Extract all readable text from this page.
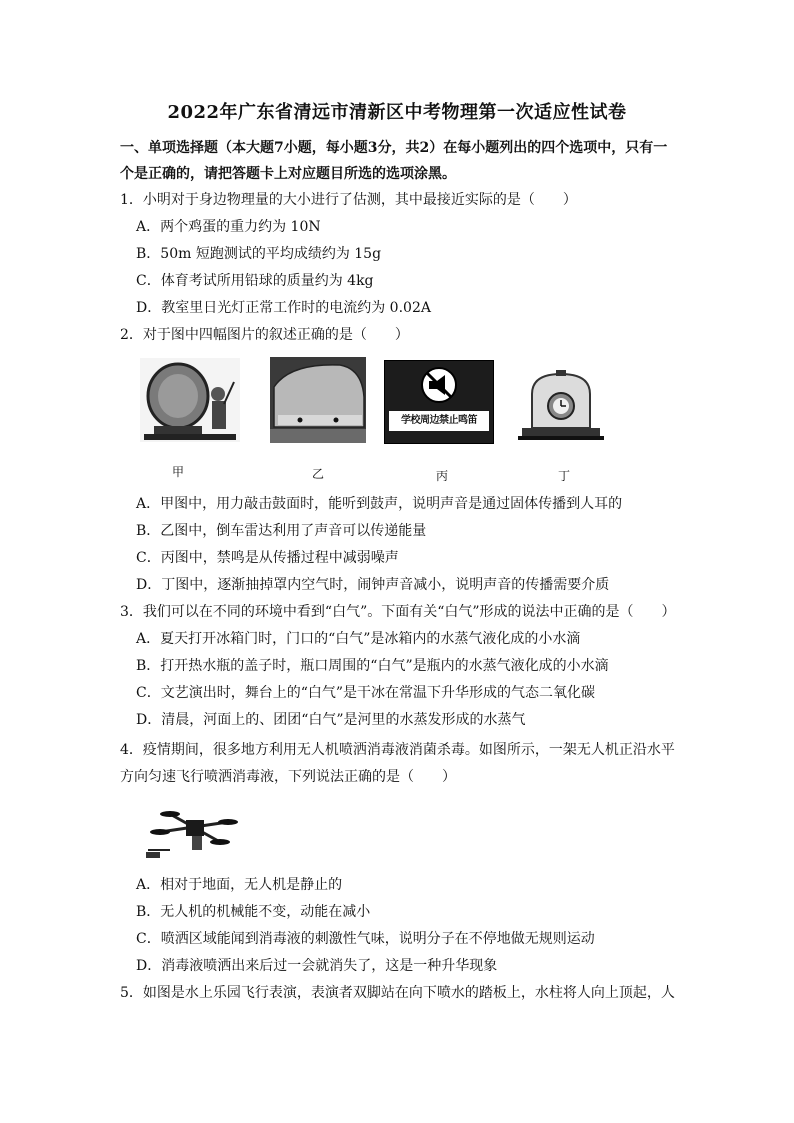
2022年广东省清远市清新区中考物理第一次适应性试卷
一、单项选择题（本大题7小题，每小题3分，共2）在每小题列出的四个选项中，只有一个是正确的，请把答题卡上对应题目所选的选项涂黑。
1．小明对于身边物理量的大小进行了估测，其中最接近实际的是（　　）
A．两个鸡蛋的重力约为 10N
B．50m 短跑测试的平均成绩约为 15g
C．体育考试所用铅球的质量约为 4kg
D．教室里日光灯正常工作时的电流约为 0.02A
2．对于图中四幅图片的叙述正确的是（　　）
甲	乙
学校周边禁止鸣笛
丙	丁
A．甲图中，用力敲击鼓面时，能听到鼓声，说明声音是通过固体传播到人耳的
B．乙图中，倒车雷达利用了声音可以传递能量
C．丙图中，禁鸣是从传播过程中减弱噪声
D．丁图中，逐渐抽掉罩内空气时，闹钟声音减小，说明声音的传播需要介质
3．我们可以在不同的环境中看到“白气”。下面有关“白气”形成的说法中正确的是（　　）
A．夏天打开冰箱门时，门口的“白气”是冰箱内的水蒸气液化成的小水滴
B．打开热水瓶的盖子时，瓶口周围的“白气”是瓶内的水蒸气液化成的小水滴
C．文艺演出时，舞台上的“白气”是干冰在常温下升华形成的气态二氧化碳
D．清晨，河面上的、团团“白气”是河里的水蒸发形成的水蒸气
4．疫情期间，很多地方利用无人机喷洒消毒液消菌杀毒。如图所示，一架无人机正沿水平方向匀速飞行喷洒消毒液，下列说法正确的是（　　）
A．相对于地面，无人机是静止的
B．无人机的机械能不变，动能在减小
C．喷洒区域能闻到消毒液的刺激性气味，说明分子在不停地做无规则运动
D．消毒液喷洒出来后过一会就消失了，这是一种升华现象
5．如图是水上乐园飞行表演，表演者双脚站在向下喷水的踏板上，水柱将人向上顶起，人
